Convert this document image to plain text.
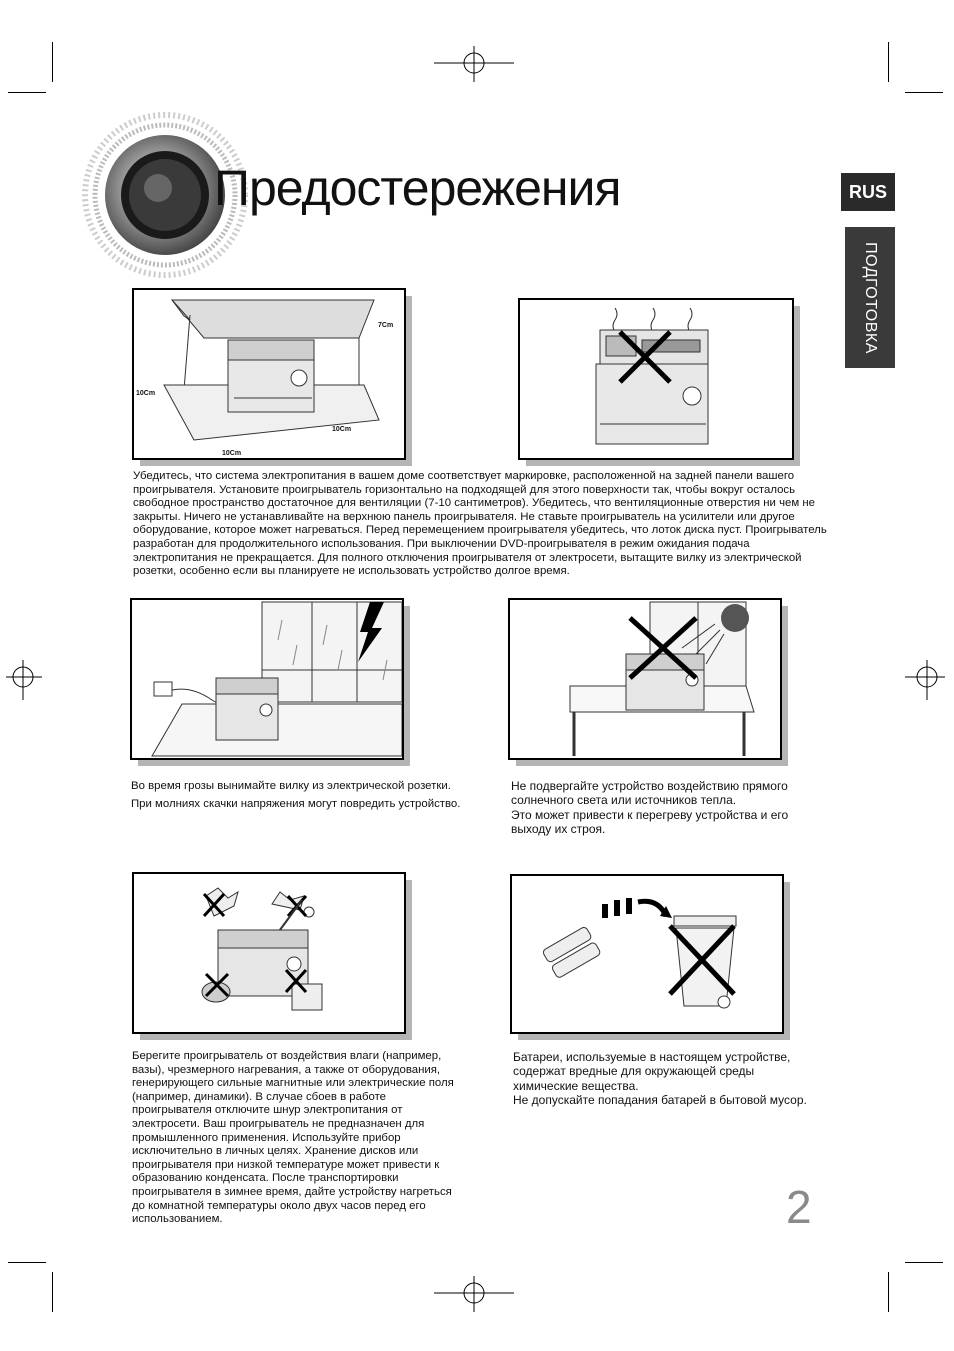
Предостережения	RUS
ПОДГОТОВКА
7Cm
10Cm
10Cm
10Cm

Убедитесь, что система электропитания в вашем доме соответствует маркировке, расположенной на задней панели вашего проигрывателя. Установите проигрыватель горизонтально на подходящей для этого поверхности так, чтобы вокруг осталось свободное пространство достаточное для вентиляции (7-10 сантиметров). Убедитесь, что вентиляционные отверстия ни чем не закрыты. Ничего не устанавливайте на верхнюю панель проигрывателя. Не ставьте проигрыватель на усилители или другое оборудование, которое может нагреваться. Перед перемещением проигрывателя убедитесь, что лоток диска пуст. Проигрыватель разработан для продолжительного использования. При выключении DVD-проигрывателя в режим ожидания подача электропитания не прекращается. Для полного отключения проигрывателя от электросети, вытащите вилку из электрической розетки, особенно если вы планируете не использовать устройство долгое время.

Во время грозы вынимайте вилку из электрической розетки.

При молниях скачки напряжения могут повредить устройство.

Не подвергайте устройство воздействию прямого солнечного света или источников тепла.

Это может привести к перегреву устройства и его выходу их строя.

Берегите проигрыватель от воздействия влаги (например, вазы), чрезмерного нагревания, а также от оборудования, генерирующего сильные магнитные или электрические поля (например, динамики). В случае сбоев в работе проигрывателя отключите шнур электропитания от электросети. Ваш проигрыватель не предназначен для промышленного применения. Используйте прибор исключительно в личных целях. Хранение дисков или проигрывателя при низкой температуре может привести к образованию конденсата. После транспортировки проигрывателя в зимнее время, дайте устройству нагреться до комнатной температуры около двух часов перед его использованием.

Батареи, используемые в настоящем устройстве, содержат вредные для окружающей среды химические вещества.

Не допускайте попадания батарей в бытовой мусор.

2
